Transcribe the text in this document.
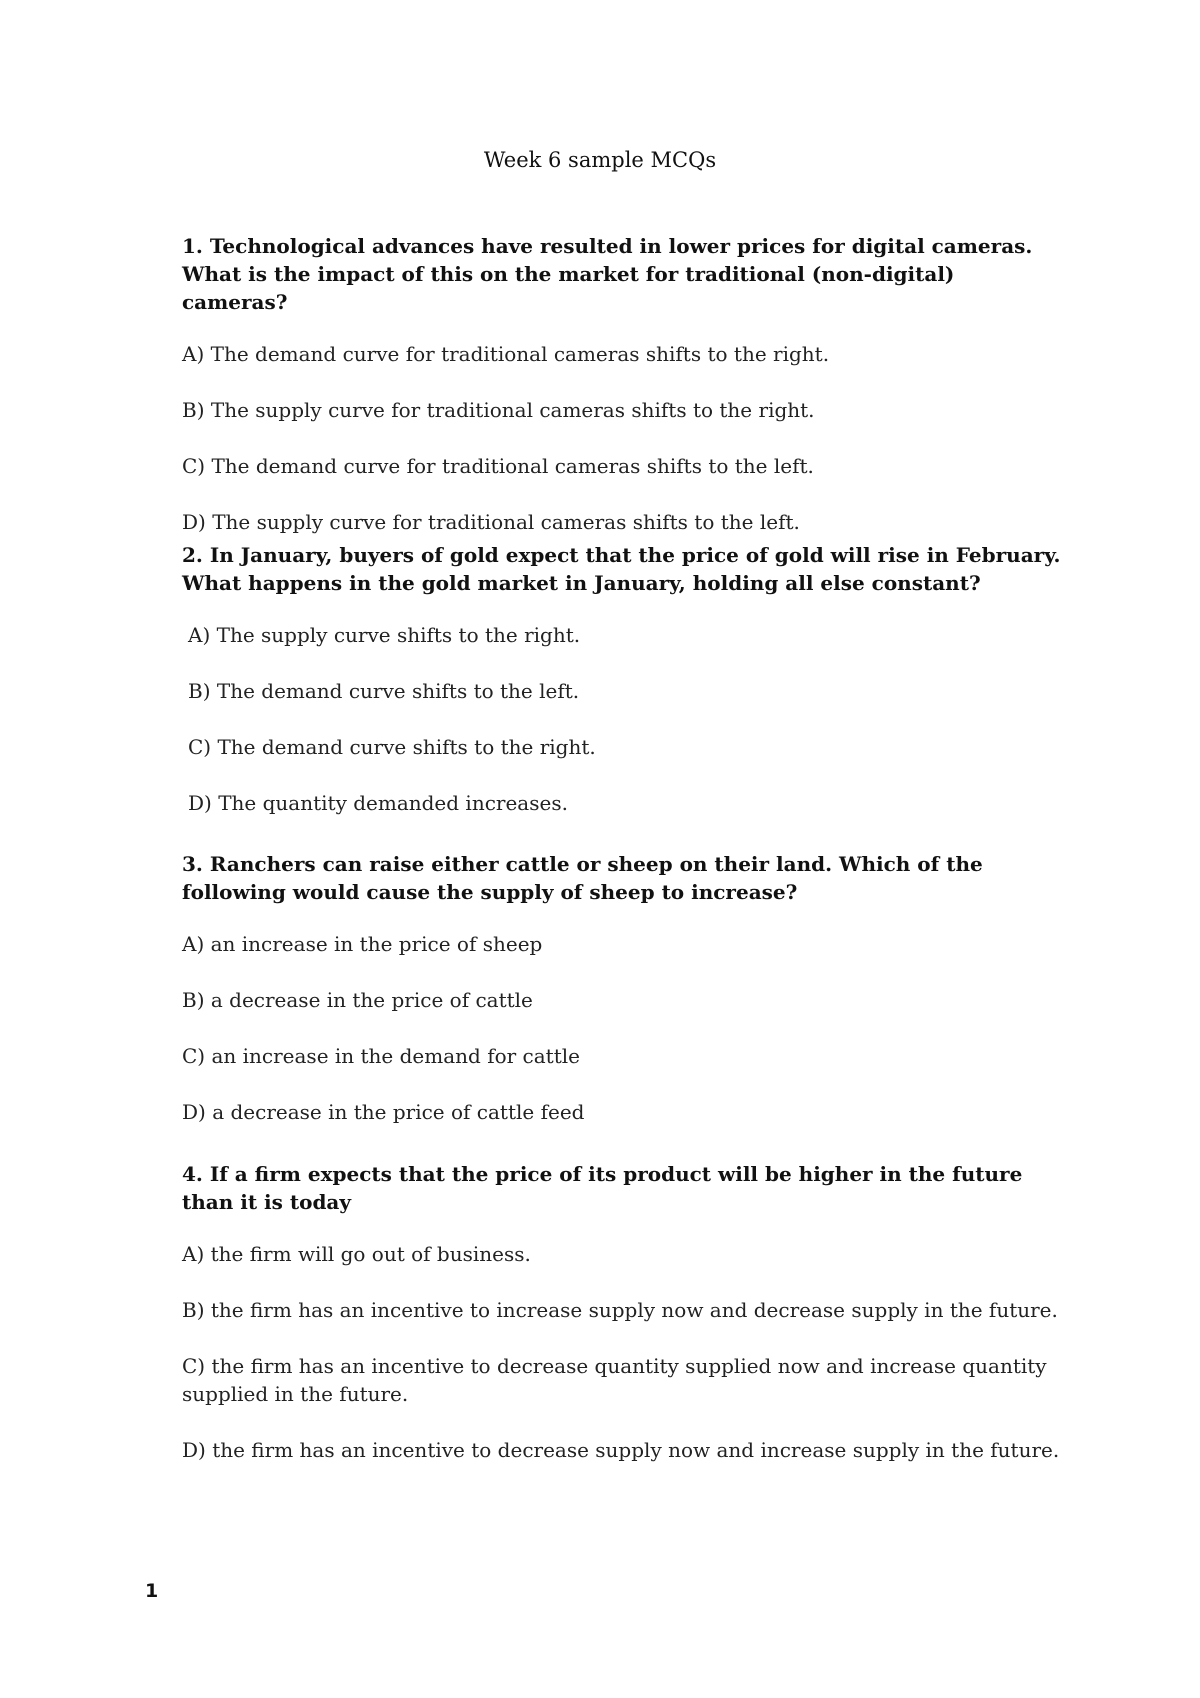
Week 6 sample MCQs

1. Technological advances have resulted in lower prices for digital cameras. What is the impact of this on the market for traditional (non-digital) cameras?

A) The demand curve for traditional cameras shifts to the right.

B) The supply curve for traditional cameras shifts to the right.

C) The demand curve for traditional cameras shifts to the left.

D) The supply curve for traditional cameras shifts to the left.

2. In January, buyers of gold expect that the price of gold will rise in February. What happens in the gold market in January, holding all else constant?

A) The supply curve shifts to the right.

B) The demand curve shifts to the left.

C) The demand curve shifts to the right.

D) The quantity demanded increases.

3. Ranchers can raise either cattle or sheep on their land. Which of the following would cause the supply of sheep to increase?

A) an increase in the price of sheep

B) a decrease in the price of cattle

C) an increase in the demand for cattle

D) a decrease in the price of cattle feed

4. If a firm expects that the price of its product will be higher in the future than it is today

A) the firm will go out of business.

B) the firm has an incentive to increase supply now and decrease supply in the future.

C) the firm has an incentive to decrease quantity supplied now and increase quantity supplied in the future.

D) the firm has an incentive to decrease supply now and increase supply in the future.

1
